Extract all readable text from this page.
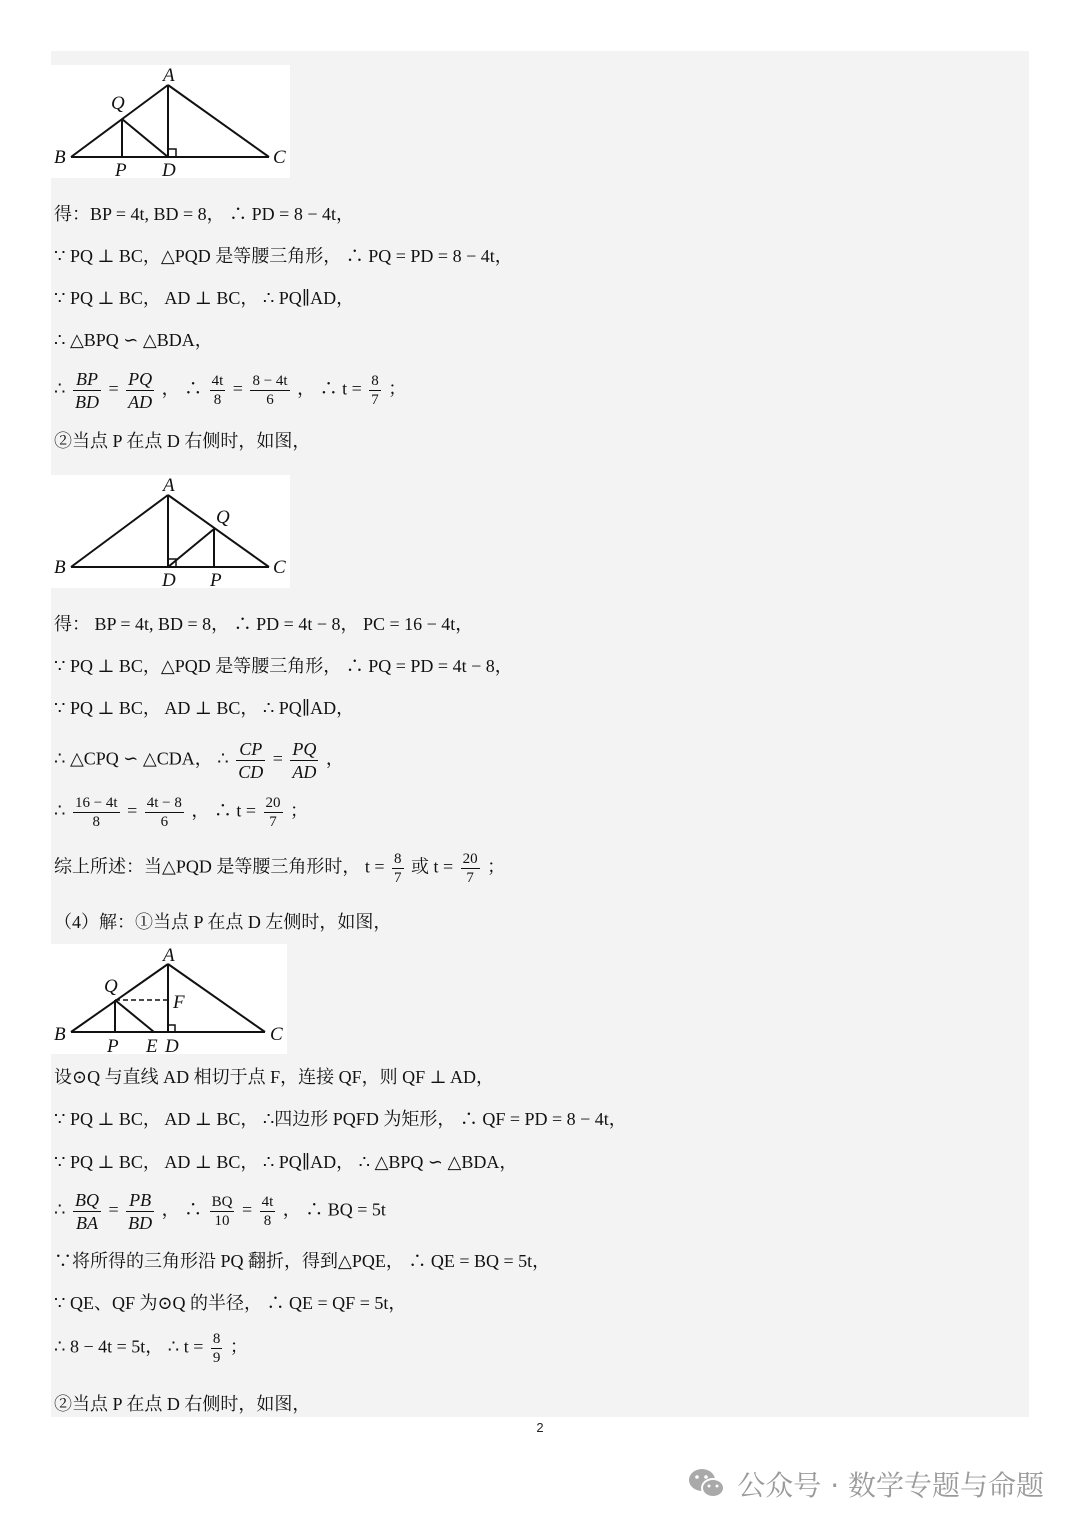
A
Q
B	C
P D
得：BP = 4t, BD = 8， ∴ PD = 8 − 4t，
∵ PQ ⊥ BC，△PQD 是等腰三角形， ∴ PQ = PD = 8 − 4t，
∵ PQ ⊥ BC， AD ⊥ BC， ∴ PQ∥AD，
∴ △BPQ ∽ △BDA，
∴ $\frac{BP}{BD} = \frac{PQ}{AD}$ ， ∴ $\frac{4t}{8} = \frac{8 - 4t}{6}$ ， ∴ $t = \frac{8}{7}$ ；
②当点 P 在点 D 右侧时，如图，
A
Q
B	C
P
D
得： BP = 4t, BD = 8， ∴ PD = 4t − 8， PC = 16 − 4t，
∵ PQ ⊥ BC，△PQD 是等腰三角形， ∴ PQ = PD = 4t − 8，
∵ PQ ⊥ BC， AD ⊥ BC， ∴ PQ∥AD，
∴ △CPQ ∽ △CDA， ∴ $\frac{CP}{CD} = \frac{PQ}{AD}$ ，
∴ $\frac{16 - 4t}{8} = \frac{4t - 8}{6}$ ， ∴ $t = \frac{20}{7}$ ；
综上所述：当△PQD 是等腰三角形时， $t = \frac{8}{7}$ 或 $t = \frac{20}{7}$ ；
（4）解：①当点 P 在点 D 左侧时，如图，
A
Q
F
B	C
P E D
设⊙Q 与直线 AD 相切于点 F，连接 QF，则 QF ⊥ AD，
∵ PQ ⊥ BC， AD ⊥ BC， ∴四边形 PQFD 为矩形， ∴ QF = PD = 8 − 4t，
∵ PQ ⊥ BC， AD ⊥ BC， ∴ PQ∥AD， ∴ △BPQ ∽ △BDA，
∴ $\frac{BQ}{BA} = \frac{PB}{BD}$ ， ∴ $\frac{BQ}{10} = \frac{4t}{8}$ ， ∴ BQ = 5t
∵将所得的三角形沿 PQ 翻折，得到△PQE， ∴ QE = BQ = 5t，
∵ QE、QF 为⊙Q 的半径， ∴ QE = QF = 5t，
∴ 8 − 4t = 5t， ∴ $t = \frac{8}{9}$ ；
②当点 P 在点 D 右侧时，如图，
2
公众号 · 数学专题与命题
